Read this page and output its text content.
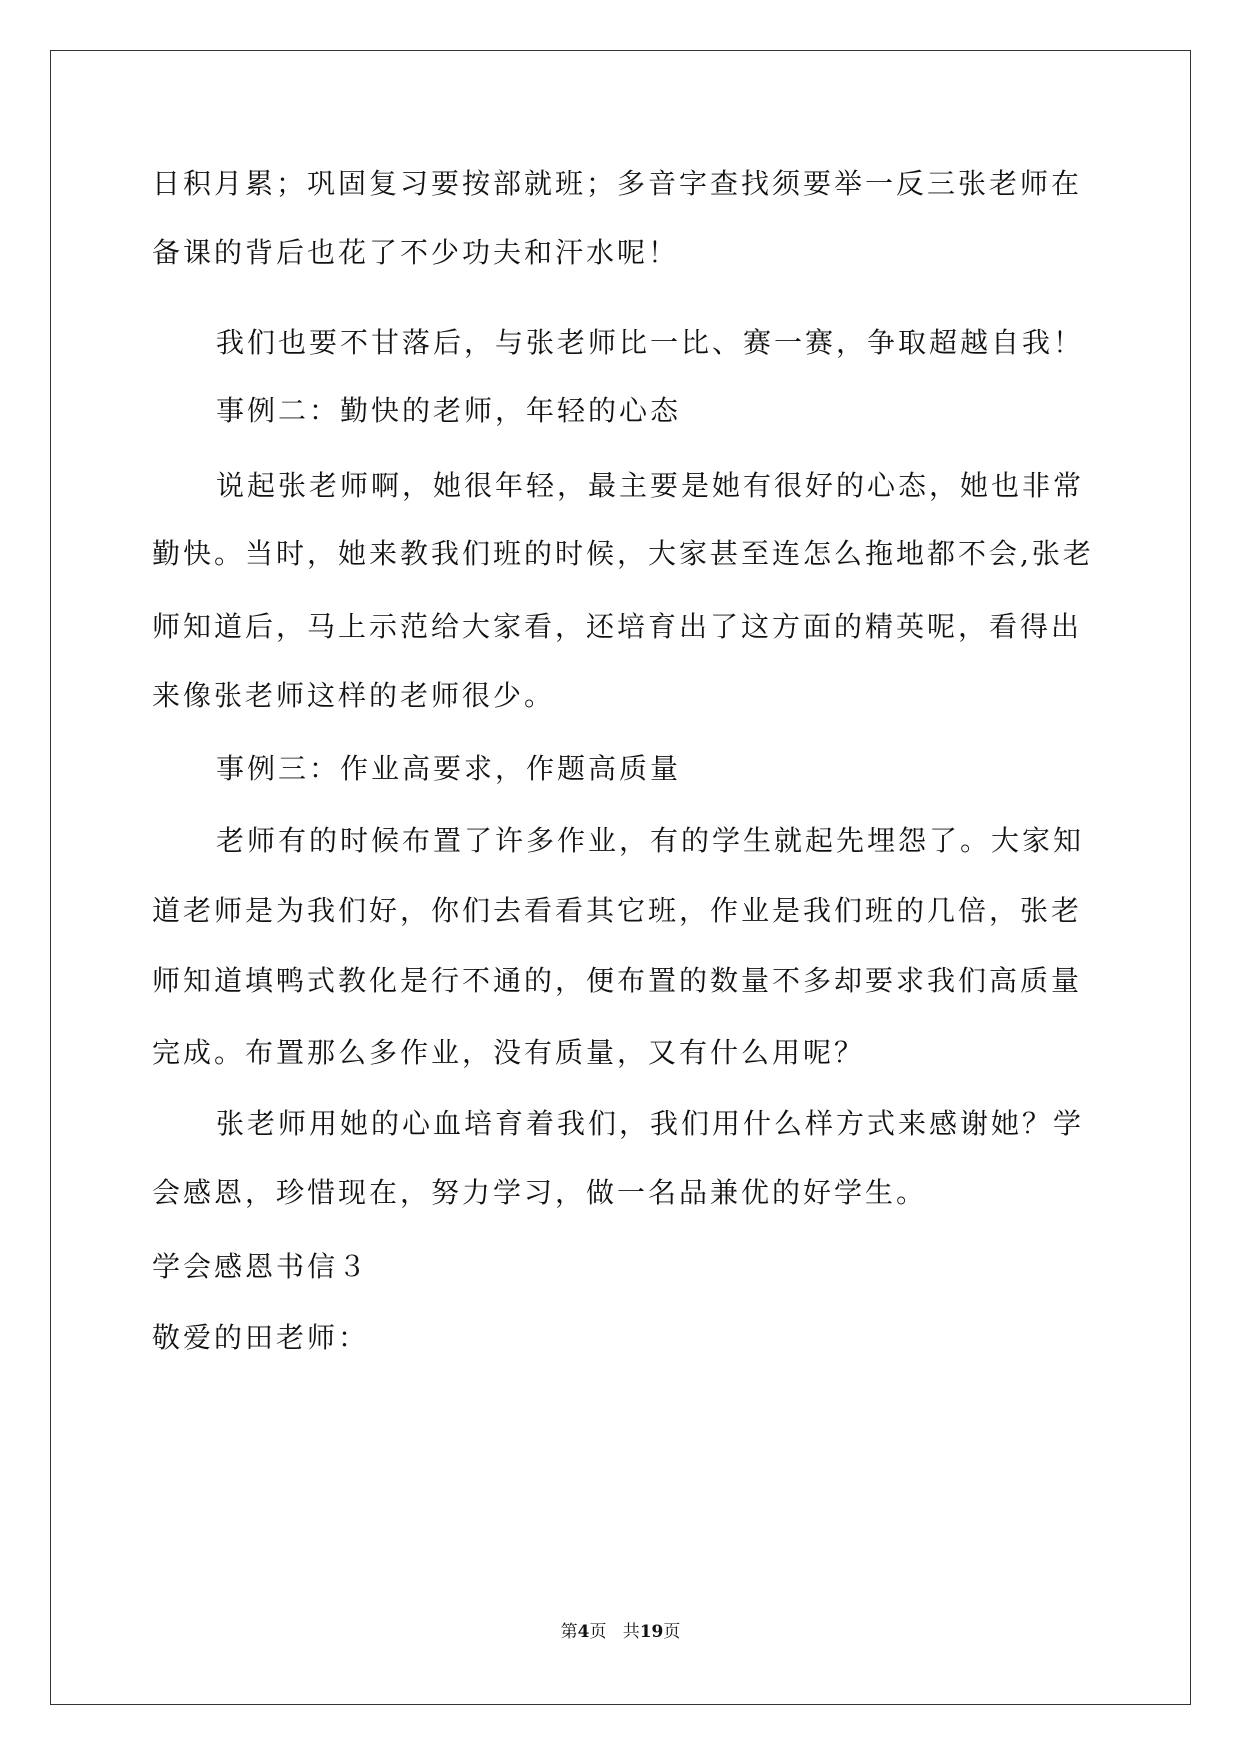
日积月累；巩固复习要按部就班；多音字查找须要举一反三张老师在
备课的背后也花了不少功夫和汗水呢！
我们也要不甘落后，与张老师比一比、赛一赛，争取超越自我！
事例二：勤快的老师，年轻的心态
说起张老师啊，她很年轻，最主要是她有很好的心态，她也非常
勤快。当时，她来教我们班的时候，大家甚至连怎么拖地都不会,张老
师知道后，马上示范给大家看，还培育出了这方面的精英呢，看得出
来像张老师这样的老师很少。
事例三：作业高要求，作题高质量
老师有的时候布置了许多作业，有的学生就起先埋怨了。大家知
道老师是为我们好，你们去看看其它班，作业是我们班的几倍，张老
师知道填鸭式教化是行不通的，便布置的数量不多却要求我们高质量
完成。布置那么多作业，没有质量，又有什么用呢？
张老师用她的心血培育着我们，我们用什么样方式来感谢她？学
会感恩，珍惜现在，努力学习，做一名品兼优的好学生。
学会感恩书信３
敬爱的田老师：
第4页 共19页
